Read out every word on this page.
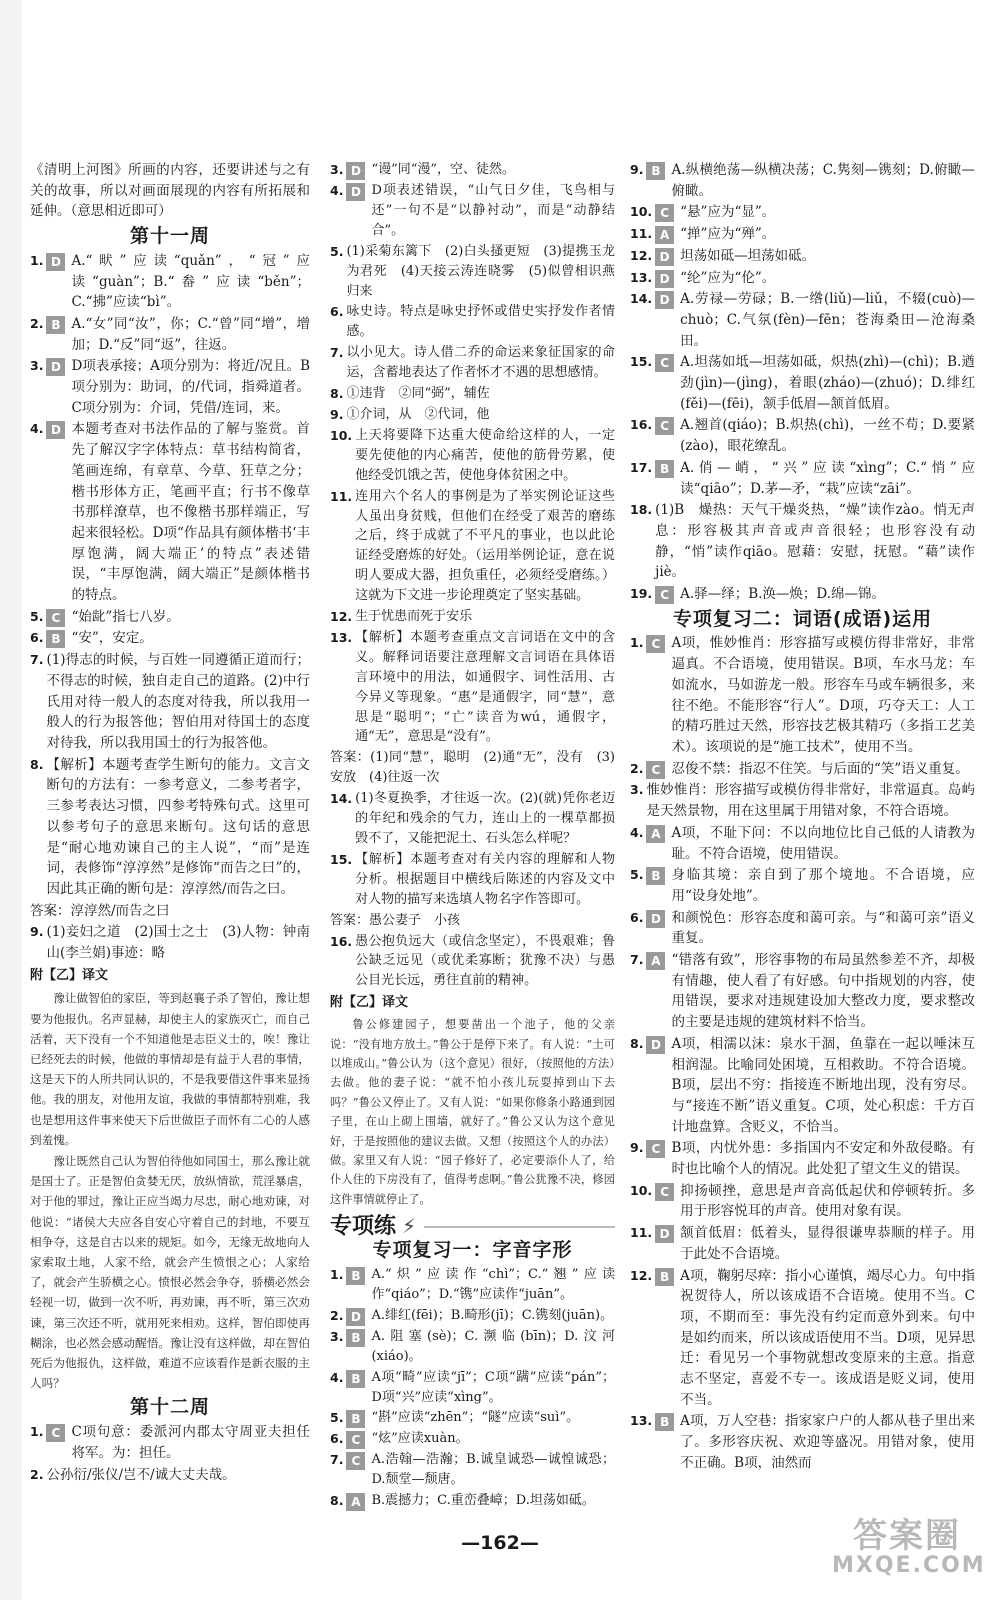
《清明上河图》所画的内容，还要讲述与之有关的故事，所以对画面展现的内容有所拓展和延伸。（意思相近即可）
第十一周
1. D A.“畎”应读“quǎn”，“冠”应读“guàn”；B.“畚”应读“běn”；C.“拂”应读“bì”。
2. B A.“女”同“汝”，你；C.“曾”同“增”，增加；D.“反”同“返”，往返。
3. D D项表承接；A项分别为：将近/况且。B项分别为：助词，的/代词，指舜道者。C项分别为：介词，凭借/连词，来。
4. D 本题考查对书法作品的了解与鉴赏。首先了解汉字字体特点：草书结构简省，笔画连绵，有章草、今草、狂草之分；楷书形体方正，笔画平直；行书不像草书那样潦草，也不像楷书那样端正，写起来很轻松。D项“作品具有颜体楷书‘丰厚饱满，阔大端正’的特点”表述错误，“丰厚饱满，阔大端正”是颜体楷书的特点。
5. C “始龀”指七八岁。
6. B “安”，安定。
7. (1)得志的时候，与百姓一同遵循正道而行；不得志的时候，独自走自己的道路。(2)中行氏用对待一般人的态度对待我，所以我用一般人的行为报答他；智伯用对待国士的态度对待我，所以我用国士的行为报答他。
8. 【解析】本题考查学生断句的能力。文言文断句的方法有：一参考意义，二参考者字，三参考表达习惯，四参考特殊句式。这里可以参考句子的意思来断句。这句话的意思是“耐心地劝谏自己的主人说”，“而”是连词，表修饰“淳淳然”是修饰“而告之曰”的，因此其正确的断句是：淳淳然/而告之曰。
答案：淳淳然/而告之曰
9. (1)妾妇之道　(2)国士之士　(3)人物：钟南山(李兰娟)事迹：略
附【乙】译文
豫让做智伯的家臣，等到赵襄子杀了智伯，豫让想要为他报仇。名声显赫，却使主人的家族灭亡，而自己活着，天下没有一个不知道他是志臣义士的，唉！豫让已经死去的时候，他做的事情却是有益于人君的事情，这是天下的人所共同认识的，不是我要借这件事来显扬他。我的朋友，对他用友谊，我做的事情都特别难，我也是想用这件事来使天下后世做臣子而怀有二心的人感到羞愧。
豫让既然自己认为智伯待他如同国士，那么豫让就是国士了。正是智伯贪婪无厌，放纵情欲，荒淫暴虐，对于他的罪过，豫让正应当竭力尽忠，耐心地劝谏，对他说：“诸侯大夫应各自安心守着自己的封地，不要互相争夺，这是自古以来的规矩。如今，无缘无故地向人家索取土地，人家不给，就会产生愤恨之心；人家给了，就会产生骄横之心。愤恨必然会争夺，骄横必然会轻视一切，做到一次不听，再劝谏，再不听，第三次劝谏，第三次还不听，就用死来相劝。这样，智伯即使再糊涂，也必然会感动醒悟。豫让没有这样做，却在智伯死后为他报仇，这样做，难道不应该看作是新衣服的主人吗？
第十二周
1. C C项句意：委派河内郡太守周亚夫担任将军。为：担任。
2. 公孙衍/张仪/岂不/诚大丈夫哉。
3. D “谩”同“漫”，空、徒然。
4. D D项表述错误，“山气日夕佳，飞鸟相与还”一句不是“以静衬动”，而是“动静结合”。
5. (1)采菊东篱下　(2)白头搔更短　(3)提携玉龙为君死　(4)天接云涛连晓雾　(5)似曾相识燕归来
6. 咏史诗。特点是咏史抒怀或借史实抒发作者情感。
7. 以小见大。诗人借二乔的命运来象征国家的命运，含蓄地表达了作者怀才不遇的思想感情。
8. ①违背　②同“弼”，辅佐
9. ①介词，从　②代词，他
10. 上天将要降下达重大使命给这样的人，一定要先使他的内心痛苦，使他的筋骨劳累，使他经受饥饿之苦，使他身体贫困之中。
11. 连用六个名人的事例是为了举实例论证这些人虽出身贫贱，但他们在经受了艰苦的磨练之后，终于成就了不平凡的事业，也以此论证经受磨炼的好处。（运用举例论证，意在说明人要成大器，担负重任，必须经受磨练。）这就为下文进一步论理奠定了坚实基础。
12. 生于忧患而死于安乐
13. 【解析】本题考查重点文言词语在文中的含义。解释词语要注意理解文言词语在具体语言环境中的用法，如通假字、词性活用、古今异义等现象。“惠”是通假字，同“慧”，意思是“聪明”；“亡”读音为wú，通假字，通“无”，意思是“没有”。
答案：(1)同“慧”，聪明　(2)通“无”，没有　(3)安放　(4)往返一次
14. (1)冬夏换季，才往返一次。(2)(就)凭你老迈的年纪和残余的气力，连山上的一棵草都损毁不了，又能把泥土、石头怎么样呢？
15. 【解析】本题考查对有关内容的理解和人物分析。根据题目中横线后陈述的内容及文中对人物的描写来选填人物名字作答即可。
答案：愚公妻子　小孩
16. 愚公抱负远大（或信念坚定），不畏艰难；鲁公缺乏远见（或优柔寡断；犹豫不决）与愚公目光长远，勇往直前的精神。
附【乙】译文
鲁公修建园子，想要凿出一个池子，他的父亲说：“没有地方放土。”鲁公于是停下来了。有人说：“土可以堆成山。”鲁公认为（这个意见）很好，（按照他的方法）去做。他的妻子说：“就不怕小孩儿玩耍掉到山下去吗？”鲁公又停止了。又有人说：“如果你修条小路通到园子里，在山上砌上围墙，就好了。”鲁公又认为这个意见好，于是按照他的建议去做。又想（按照这个人的办法）做。家里又有人说：“园子修好了，必定要添仆人了，给仆人住的下房没有了，值得考虑啊。”鲁公犹豫不决，修园这件事情就停止了。
专项练 ⚡
专项复习一：字音字形
1. B A.“炽”应读作“chì”；C.“翘”应读作“qiáo”；D.“镌”应读作“juān”。
2. D A.绯红(fēi)；B.畸形(jī)；C.镌刻(juān)。
3. B A.阻塞(sè)；C.濒临(bīn)；D.汶河(xiáo)。
4. B A项“畸”应读“jī”；C项“蹒”应读“pán”；D项“兴”应读“xìng”。
5. B “斟”应读“zhēn”；“隧”应读“suì”。
6. C “炫”应读xuàn。
7. C A.浩翰—浩瀚；B.诚皇诚恐—诚惶诚恐；D.颓堂—颓唐。
8. A B.震撼力；C.重峦叠嶂；D.坦荡如砥。
9. B A.纵横绝荡—纵横决荡；C.隽刻—镌刻；D.俯瞰—俯瞰。
10. C “悬”应为“显”。
11. A “掸”应为“殚”。
12. D 坦荡如砥—坦荡如砥。
13. D “纶”应为“伦”。
14. D A.劳禄—劳碌；B.一绺(liǔ)—liǔ，不辍(cuò)—chuò；C.气氛(fèn)—fēn；苍海桑田—沧海桑田。
15. C A.坦荡如坻—坦荡如砥，炽热(zhì)—(chì)；B.遒劲(jìn)—(jìng)，着眼(zháo)—(zhuó)；D.绯红(fěi)—(fēi)，颔手低眉—颔首低眉。
16. C A.翘首(qiáo)；B.炽热(chì)，一丝不苟；D.要紧(zào)，眼花缭乱。
17. B A.俏—峭，“兴”应读“xìng”；C.“悄”应读“qiāo”；D.茅—矛，“栽”应读“zāi”。
18. (1)B　燥热：天气干燥炎热，“燥”读作zào。悄无声息：形容极其声音或声音很轻；也形容没有动静，“悄”读作qiāo。慰藉：安慰，抚慰。“藉”读作jiè。
19. C A.驿—绎；B.涣—焕；D.绵—锦。
专项复习二：词语(成语)运用
1. C A项，惟妙惟肖：形容描写或模仿得非常好，非常逼真。不合语境，使用错误。B项，车水马龙：车如流水，马如游龙一般。形容车马或车辆很多，来往不绝。不能形容“行人”。D项，巧夺天工：人工的精巧胜过天然，形容技艺极其精巧（多指工艺美术）。该项说的是“施工技术”，使用不当。
2. C 忍俊不禁：指忍不住笑。与后面的“笑”语义重复。
3. 惟妙惟肖：形容描写或模仿得非常好，非常逼真。岛屿是天然景物，用在这里属于用错对象，不符合语境。
4. A A项，不耻下问：不以向地位比自己低的人请教为耻。不符合语境，使用错误。
5. B 身临其境：亲自到了那个境地。不合语境，应用“设身处地”。
6. D 和颜悦色：形容态度和蔼可亲。与“和蔼可亲”语义重复。
7. A “错落有致”，形容事物的布局虽然参差不齐，却极有情趣，使人看了有好感。句中指规划的内容，使用错误，要求对违规建设加大整改力度，要求整改的主要是违规的建筑材料不恰当。
8. D A项，相濡以沫：泉水干涸，鱼靠在一起以唾沫互相润湿。比喻同处困境，互相救助。不符合语境。B项，层出不穷：指接连不断地出现，没有穷尽。与“接连不断”语义重复。C项，处心积虑：千方百计地盘算。含贬义，不恰当。
9. C B项，内忧外患：多指国内不安定和外敌侵略。有时也比喻个人的情况。此处犯了望文生义的错误。
10. C 抑扬顿挫，意思是声音高低起伏和停顿转折。多用于形容悦耳的声音。使用对象有误。
11. D 颔首低眉：低着头，显得很谦卑恭顺的样子。用于此处不合语境。
12. B A项，鞠躬尽瘁：指小心谨慎，竭尽心力。句中指祝贺待人，所以该成语不合语境。使用不当。C项，不期而至：事先没有约定而意外到来。句中是如约而来，所以该成语使用不当。D项，见异思迁：看见另一个事物就想改变原来的主意。指意志不坚定，喜爱不专一。该成语是贬义词，使用不当。
13. B A项，万人空巷：指家家户户的人都从巷子里出来了。多形容庆祝、欢迎等盛况。用错对象，使用不正确。B项，油然而
—162—	答案圈
MXQE.COM
